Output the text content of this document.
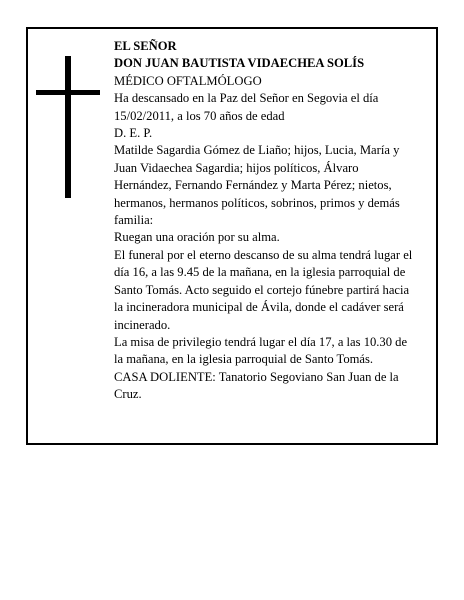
EL SEÑOR

DON JUAN BAUTISTA VIDAECHEA SOLÍS

MÉDICO OFTALMÓLOGO

Ha descansado en la Paz del Señor en Segovia el día

15/02/2011, a los 70 años de edad

D. E. P.

Matilde Sagardia Gómez de Liaño; hijos, Lucia, María y Juan Vidaechea Sagardia; hijos políticos, Álvaro Hernández, Fernando Fernández y Marta Pérez; nietos, hermanos, hermanos políticos, sobrinos, primos y demás familia:

Ruegan una oración por su alma.

El funeral por el eterno descanso de su alma tendrá lugar el día 16, a las 9.45 de la mañana, en la iglesia parroquial de Santo Tomás. Acto seguido el cortejo fúnebre partirá hacia la incineradora municipal de Ávila, donde el cadáver será incinerado.

La misa de privilegio tendrá lugar el día 17, a las 10.30 de la mañana, en la iglesia parroquial de Santo Tomás.

CASA DOLIENTE: Tanatorio Segoviano San Juan de la Cruz.
